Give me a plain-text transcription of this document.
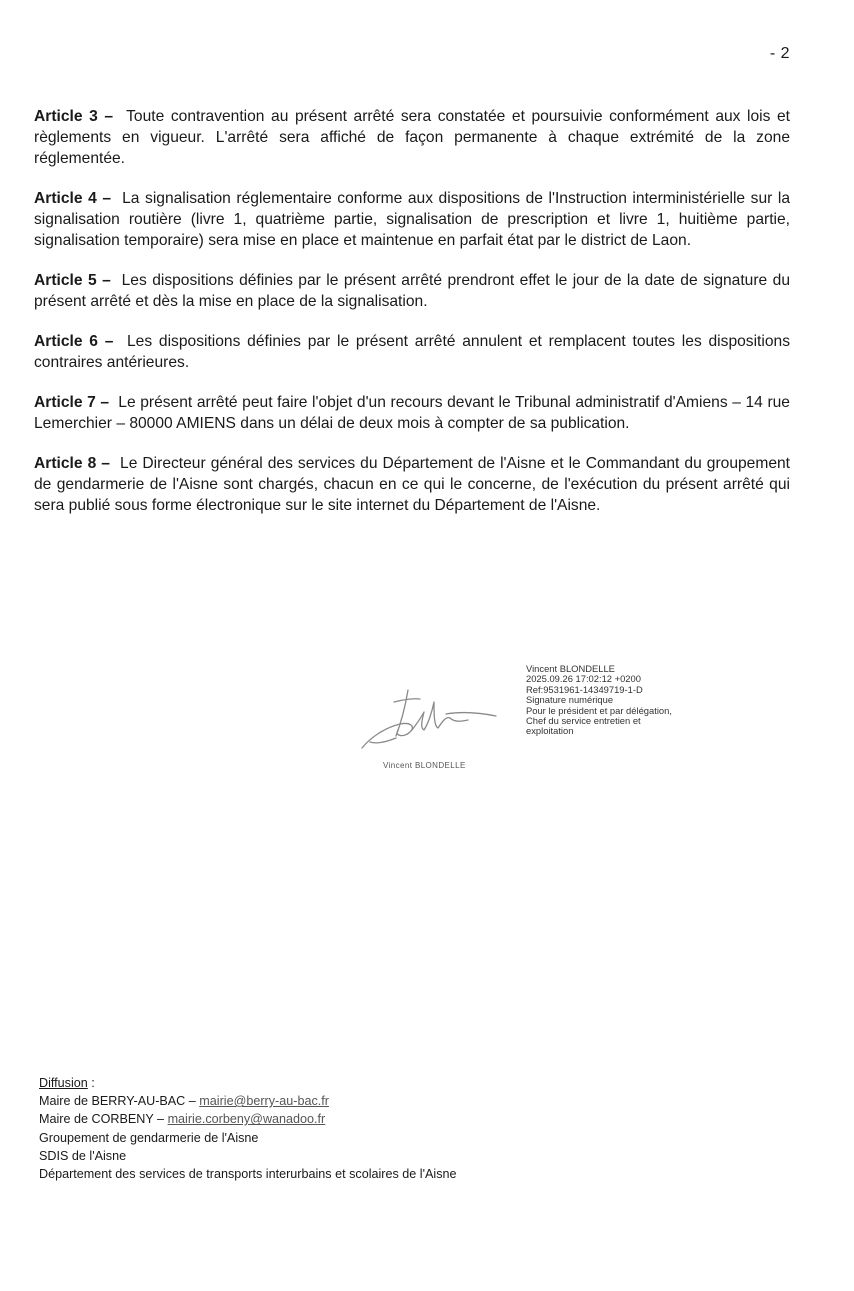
- 2

Article 3 – Toute contravention au présent arrêté sera constatée et poursuivie conformément aux lois et règlements en vigueur. L'arrêté sera affiché de façon permanente à chaque extrémité de la zone réglementée.

Article 4 – La signalisation réglementaire conforme aux dispositions de l'Instruction interministérielle sur la signalisation routière (livre 1, quatrième partie, signalisation de prescription et livre 1, huitième partie, signalisation temporaire) sera mise en place et maintenue en parfait état par le district de Laon.

Article 5 – Les dispositions définies par le présent arrêté prendront effet le jour de la date de signature du présent arrêté et dès la mise en place de la signalisation.

Article 6 – Les dispositions définies par le présent arrêté annulent et remplacent toutes les dispositions contraires antérieures.

Article 7 – Le présent arrêté peut faire l'objet d'un recours devant le Tribunal administratif d'Amiens – 14 rue Lemerchier – 80000 AMIENS dans un délai de deux mois à compter de sa publication.

Article 8 – Le Directeur général des services du Département de l'Aisne et le Commandant du groupement de gendarmerie de l'Aisne sont chargés, chacun en ce qui le concerne, de l'exécution du présent arrêté qui sera publié sous forme électronique sur le site internet du Département de l'Aisne.

Vincent BLONDELLE
Vincent BLONDELLE
2025.09.26 17:02:12 +0200
Ref:9531961-14349719-1-D
Signature numérique
Pour le président et par délégation,
Chef du service entretien et
exploitation
Diffusion :
Maire de BERRY-AU-BAC – mairie@berry-au-bac.fr
Maire de CORBENY – mairie.corbeny@wanadoo.fr
Groupement de gendarmerie de l'Aisne
SDIS de l'Aisne
Département des services de transports interurbains et scolaires de l'Aisne
